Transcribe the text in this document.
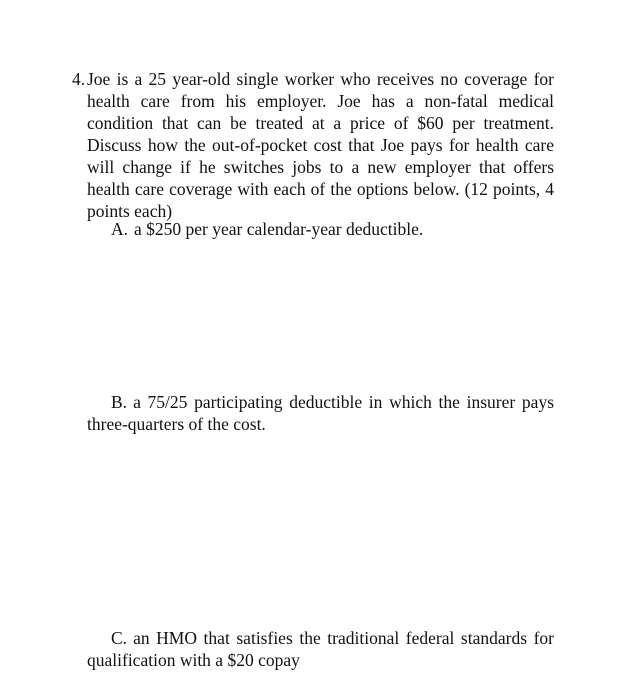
4. Joe is a 25 year-old single worker who receives no coverage for health care from his employer. Joe has a non-fatal medical condition that can be treated at a price of $60 per treatment. Discuss how the out-of-pocket cost that Joe pays for health care will change if he switches jobs to a new employer that offers health care coverage with each of the options below. (12 points, 4 points each)
A. a $250 per year calendar-year deductible.
B. a 75/25 participating deductible in which the insurer pays three-quarters of the cost.
C. an HMO that satisfies the traditional federal standards for qualification with a $20 copay
